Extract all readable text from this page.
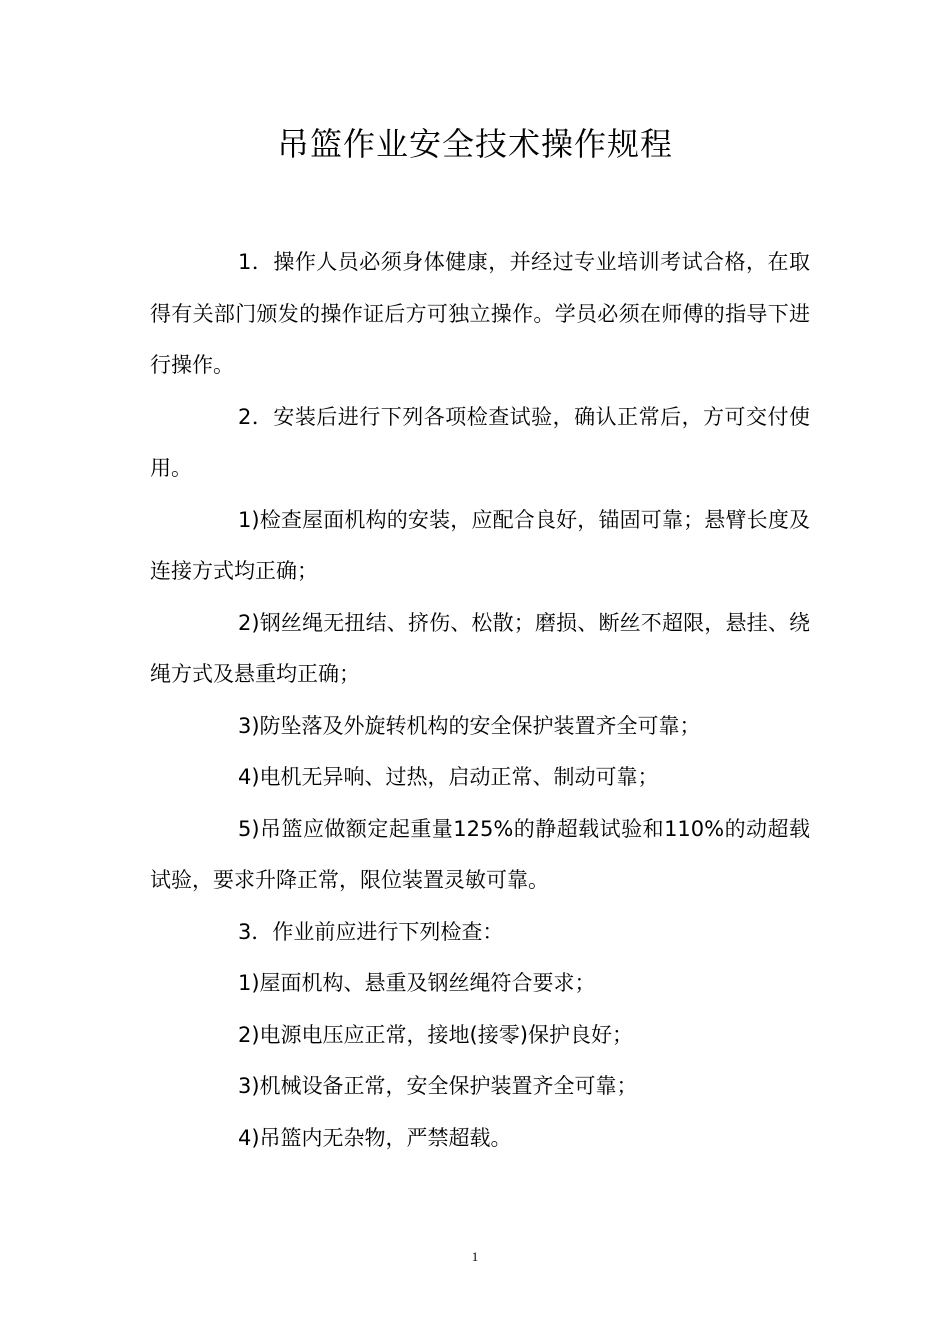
吊篮作业安全技术操作规程

1．操作人员必须身体健康，并经过专业培训考试合格，在取得有关部门颁发的操作证后方可独立操作。学员必须在师傅的指导下进行操作。

2．安装后进行下列各项检查试验，确认正常后，方可交付使用。

1)检查屋面机构的安装，应配合良好，锚固可靠；悬臂长度及连接方式均正确；

2)钢丝绳无扭结、挤伤、松散；磨损、断丝不超限，悬挂、绕绳方式及悬重均正确；

3)防坠落及外旋转机构的安全保护装置齐全可靠；

4)电机无异响、过热，启动正常、制动可靠；

5)吊篮应做额定起重量125%的静超载试验和110%的动超载试验，要求升降正常，限位装置灵敏可靠。

3．作业前应进行下列检查：

1)屋面机构、悬重及钢丝绳符合要求；

2)电源电压应正常，接地(接零)保护良好；

3)机械设备正常，安全保护装置齐全可靠；

4)吊篮内无杂物，严禁超载。

1
